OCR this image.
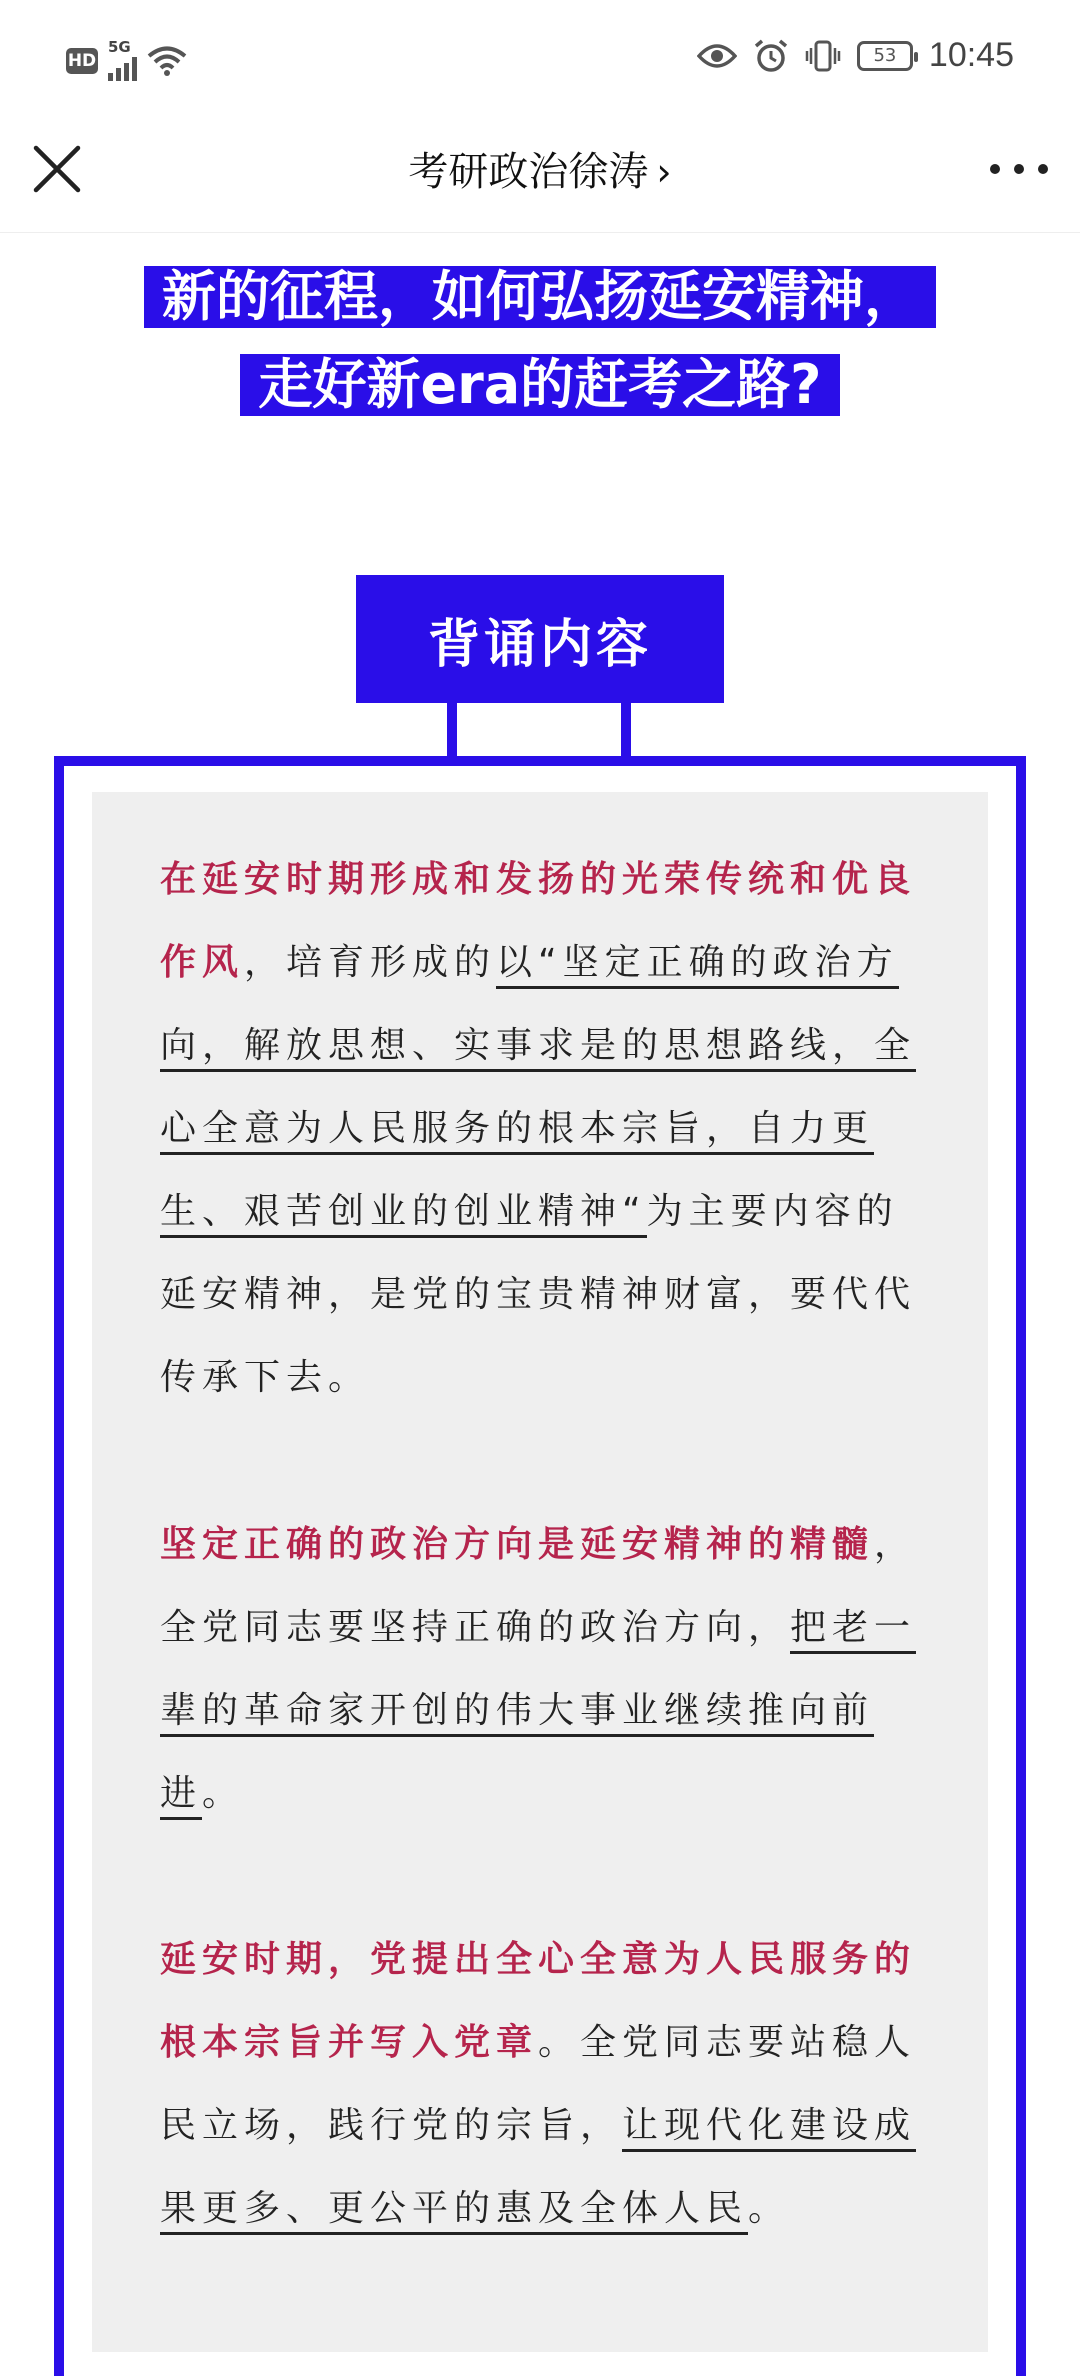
HD
5G	53 10:45
考研政治徐涛 ›
新的征程，如何弘扬延安精神，
走好新era的赶考之路?
背诵内容
在延安时期形成和发扬的光荣传统和优良作风，培育形成的以“坚定正确的政治方向，解放思想、实事求是的思想路线，全心全意为人民服务的根本宗旨，自力更生、艰苦创业的创业精神“为主要内容的延安精神，是党的宝贵精神财富，要代代传承下去。
坚定正确的政治方向是延安精神的精髓，全党同志要坚持正确的政治方向，把老一辈的革命家开创的伟大事业继续推向前进。
延安时期，党提出全心全意为人民服务的根本宗旨并写入党章。全党同志要站稳人民立场，践行党的宗旨，让现代化建设成果更多、更公平的惠及全体人民。
